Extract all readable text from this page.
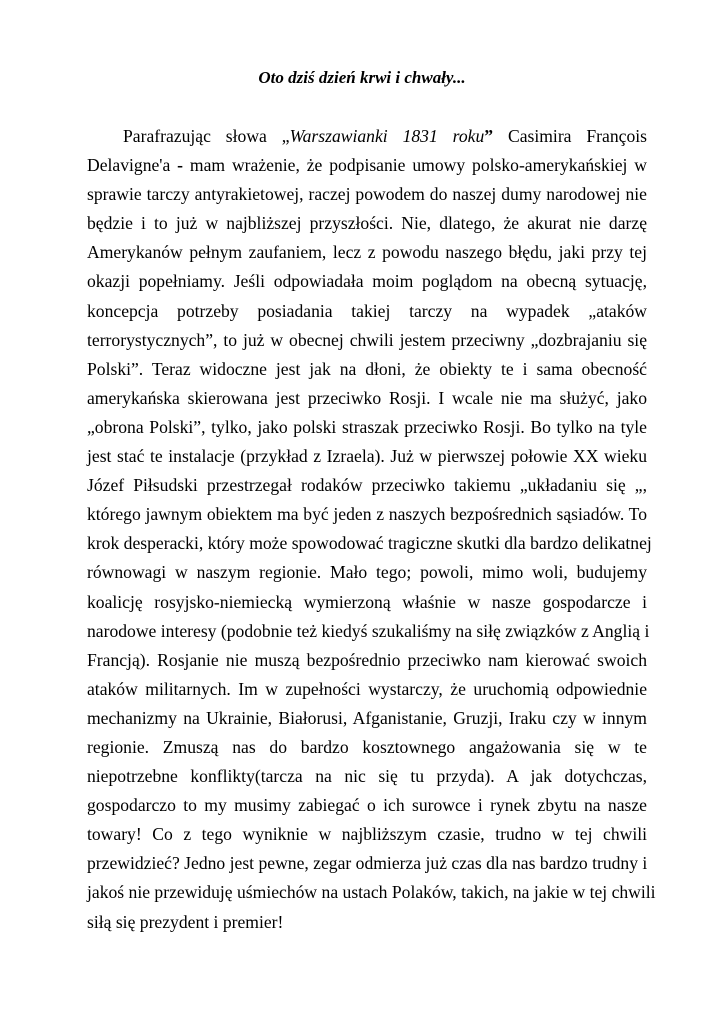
Oto dziś dzień krwi i chwały...
Parafrazując słowa „Warszawianki 1831 roku” Casimira François
Delavigne'a - mam wrażenie, że podpisanie umowy polsko-amerykańskiej w
sprawie tarczy antyrakietowej, raczej powodem do naszej dumy narodowej nie
będzie i to już w najbliższej przyszłości. Nie, dlatego, że akurat nie darzę
Amerykanów pełnym zaufaniem, lecz z powodu naszego błędu, jaki przy tej
okazji popełniamy. Jeśli odpowiadała moim poglądom na obecną sytuację,
koncepcja potrzeby posiadania takiej tarczy na wypadek „ataków
terrorystycznych”, to już w obecnej chwili jestem przeciwny „dozbrajaniu się
Polski”. Teraz widoczne jest jak na dłoni, że obiekty te i sama obecność
amerykańska skierowana jest przeciwko Rosji. I wcale nie ma służyć, jako
„obrona Polski”, tylko, jako polski straszak przeciwko Rosji. Bo tylko na tyle
jest stać te instalacje (przykład z Izraela). Już w pierwszej połowie XX wieku
Józef Piłsudski przestrzegał rodaków przeciwko takiemu „układaniu się „,
którego jawnym obiektem ma być jeden z naszych bezpośrednich sąsiadów. To
krok desperacki, który może spowodować tragiczne skutki dla bardzo delikatnej
równowagi w naszym regionie. Mało tego; powoli, mimo woli, budujemy
koalicję rosyjsko-niemiecką wymierzoną właśnie w nasze gospodarcze i
narodowe interesy (podobnie też kiedyś szukaliśmy na siłę związków z Anglią i
Francją). Rosjanie nie muszą bezpośrednio przeciwko nam kierować swoich
ataków militarnych. Im w zupełności wystarczy, że uruchomią odpowiednie
mechanizmy na Ukrainie, Białorusi, Afganistanie, Gruzji, Iraku czy w innym
regionie. Zmuszą nas do bardzo kosztownego angażowania się w te
niepotrzebne konflikty(tarcza na nic się tu przyda). A jak dotychczas,
gospodarczo to my musimy zabiegać o ich surowce i rynek zbytu na nasze
towary! Co z tego wyniknie w najbliższym czasie, trudno w tej chwili
przewidzieć? Jedno jest pewne, zegar odmierza już czas dla nas bardzo trudny i
jakoś nie przewiduję uśmiechów na ustach Polaków, takich, na jakie w tej chwili
siłą się prezydent i premier!
